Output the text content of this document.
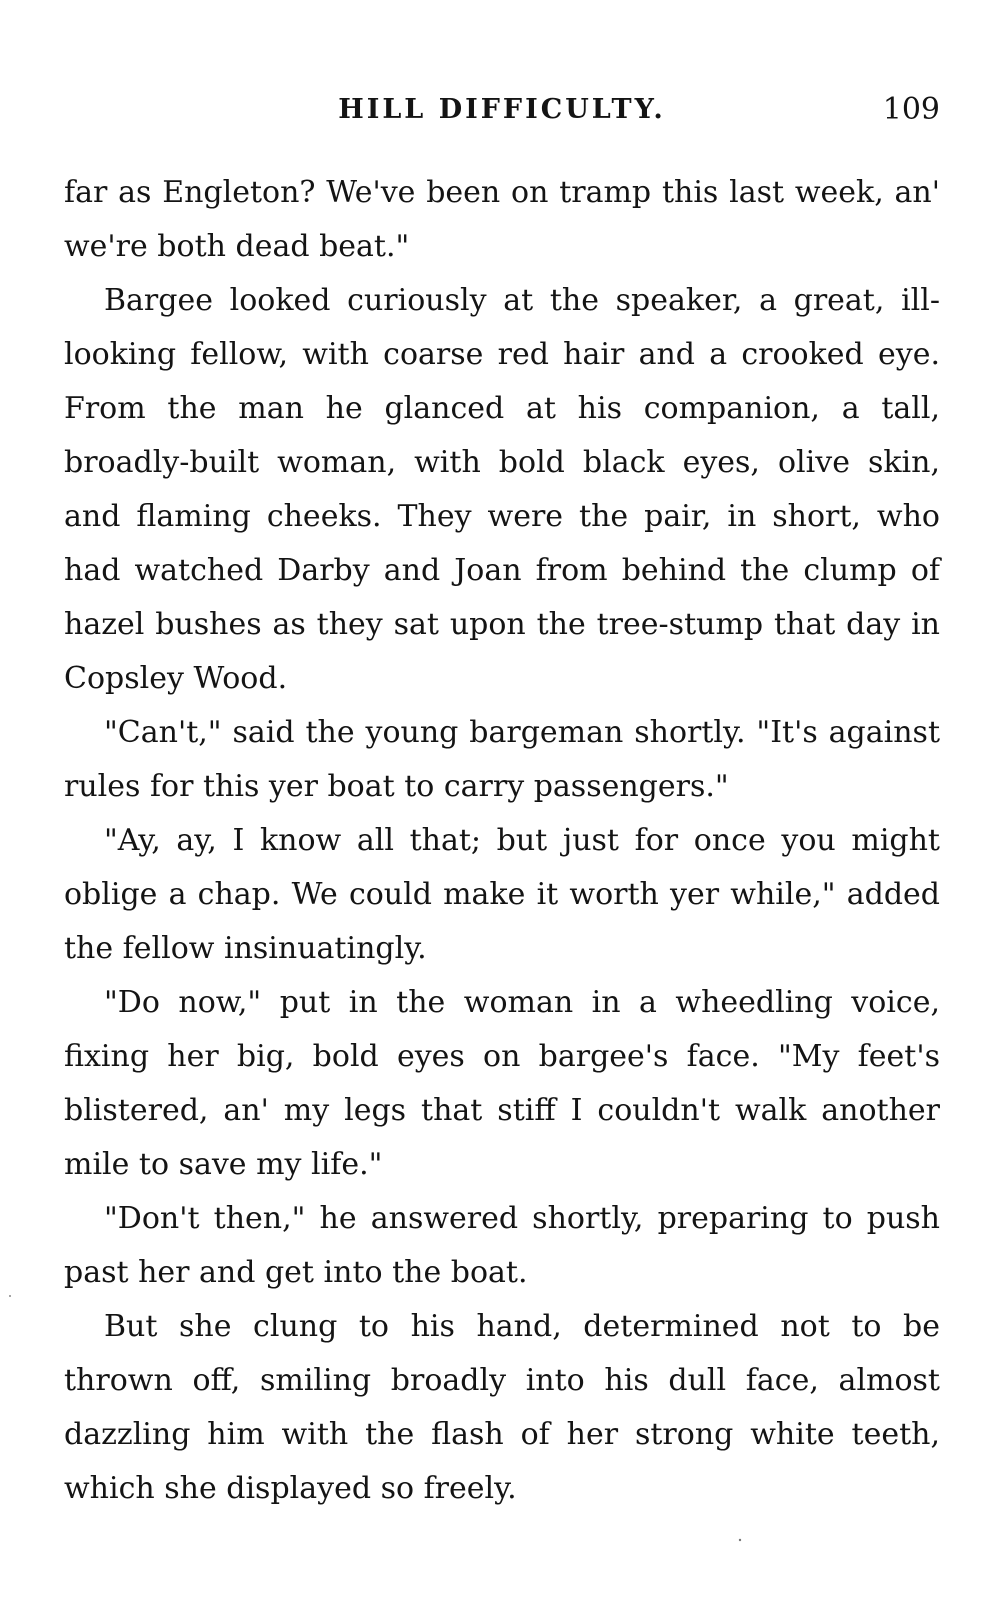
HILL DIFFICULTY.	109

far as Engleton? We've been on tramp this last week, an' we're both dead beat."

Bargee looked curiously at the speaker, a great, ill-looking fellow, with coarse red hair and a crooked eye. From the man he glanced at his companion, a tall, broadly-built woman, with bold black eyes, olive skin, and flaming cheeks. They were the pair, in short, who had watched Darby and Joan from behind the clump of hazel bushes as they sat upon the tree-stump that day in Copsley Wood.

"Can't," said the young bargeman shortly. "It's against rules for this yer boat to carry passengers."

"Ay, ay, I know all that; but just for once you might oblige a chap. We could make it worth yer while," added the fellow insinuatingly.

"Do now," put in the woman in a wheedling voice, fixing her big, bold eyes on bargee's face. "My feet's blistered, an' my legs that stiff I couldn't walk another mile to save my life."

"Don't then," he answered shortly, preparing to push past her and get into the boat.

But she clung to his hand, determined not to be thrown off, smiling broadly into his dull face, almost dazzling him with the flash of her strong white teeth, which she displayed so freely.
